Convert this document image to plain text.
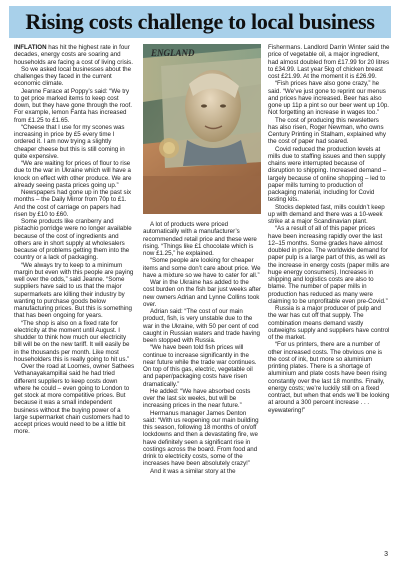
Rising costs challenge to local business

INFLATION has hit the highest rate in four decades, energy costs are soaring and households are facing a cost of living crisis.

So we asked local businesses about the challenges they faced in the current economic climate.

Jeanne Farace at Poppy’s said: “We try to get price marked items to keep cost down, but they have gone through the roof. For example, lemon Fanta has increased from £1.25 to £1.65.

“Cheese that I use for my scones was increasing in price by £5 every time I ordered it. I am now trying a slightly cheaper cheese but this is still coming in quite expensive.

“We are waiting for prices of flour to rise due to the war in Ukraine which will have a knock on effect with other produce. We are already seeing pasta prices going up.”

Newspapers had gone up in the past six months – the Daily Mirror from 70p to £1. And the cost of carriage on papers had risen by £10 to £60.

Some products like cranberry and pistachio porridge were no longer available because of the cost of ingredients and others are in short supply at wholesalers because of problems getting them into the country or a lack of packaging.

“We always try to keep to a minimum margin but even with this people are paying well over the odds,” said Jeanne. “Some suppliers have said to us that the major supermarkets are killing their industry by wanting to purchase goods below manufacturing prices. But this is something that has been ongoing for years.

“The shop is also on a fixed rate for electricity at the moment until August. I shudder to think how much our electricity bill will be on the new tariff. It will easily be in the thousands per month. Like most householders this is really going to hit us.”

Over the road at Loomes, owner Sathees Vethanayakampillai said he had tried different suppliers to keep costs down where he could – even going to London to get stock at more competitive prices. But because it was a small independent business without the buying power of a large supermarket chain customers had to accept prices would need to be a little bit more.

ENGLAND

A lot of products were priced automatically with a manufacturer’s recommended retail price and these were rising. “Things like £1 chocolate which is now £1.25,” he explained.

“Some people are looking for cheaper items and some don’t care about price. We have a mixture so we have to cater for all.”

War in the Ukraine has added to the cost burden on the fish bar just weeks after new owners Adrian and Lynne Collins took over.

Adrian said: “The cost of our main product, fish, is very unstable due to the war in the Ukraine, with 50 per cent of cod caught in Russian waters and trade having been stopped with Russia.

“We have been told fish prices will continue to increase significantly in the near future while the trade war continues. On top of this gas, electric, vegetable oil and paper/packaging costs have risen dramatically.”

He added: “We have absorbed costs over the last six weeks, but will be increasing prices in the near future.”

Hermanus manager James Denton said: “With us reopening our main building this season, following 18 months of on/off lockdowns and then a devastating fire, we have definitely seen a significant rise in costings across the board. From food and drink to electricity costs, some of the increases have been absolutely crazy!”

And it was a similar story at the

Fishermans. Landlord Darrin Winter said the price of vegetable oil, a major ingredient, had almost doubled from £17.99 for 20 litres to £34.99. Last year 5kg of chicken breast cost £21.99. At the moment it is £26.99.

“Fish prices have also gone crazy,” he said. “We’ve just gone to reprint our menus and prices have increased. Beer has also gone up 11p a pint so our beer went up 10p. Not forgetting an increase in wages too.”

The cost of producing this newsletters has also risen, Roger Newman, who owns Century Printing in Stalham, explained why the cost of paper had soared.

Covid reduced the production levels at mills due to staffing issues and then supply chains were interrupted because of disruption to shipping. Increased demand – largely because of online shopping – led to paper mills turning to production of packaging material, including for Covid testing kits.

Stocks depleted fast, mills couldn’t keep up with demand and there was a 10-week strike at a major Scandinavian plant.

“As a result of all of this paper prices have been increasing rapidly over the last 12–15 months. Some grades have almost doubled in price. The worldwide demand for paper pulp is a large part of this, as well as the increase in energy costs (paper mills are huge energy consumers). Increases in shipping and logistics costs are also to blame. The number of paper mills in production has reduced as many were claiming to be unprofitable even pre-Covid.”

Russia is a major producer of pulp and the war has cut off that supply. The combination means demand vastly outweighs supply and suppliers have control of the market.

“For us printers, there are a number of other increased costs. The obvious one is the cost of ink, but more so aluminium printing plates. There is a shortage of aluminium and plate costs have been rising constantly over the last 18 months. Finally, energy costs; we’re luckily still on a fixed contract, but when that ends we’ll be looking at around a 300 percent increase . . . eyewatering!”

3
